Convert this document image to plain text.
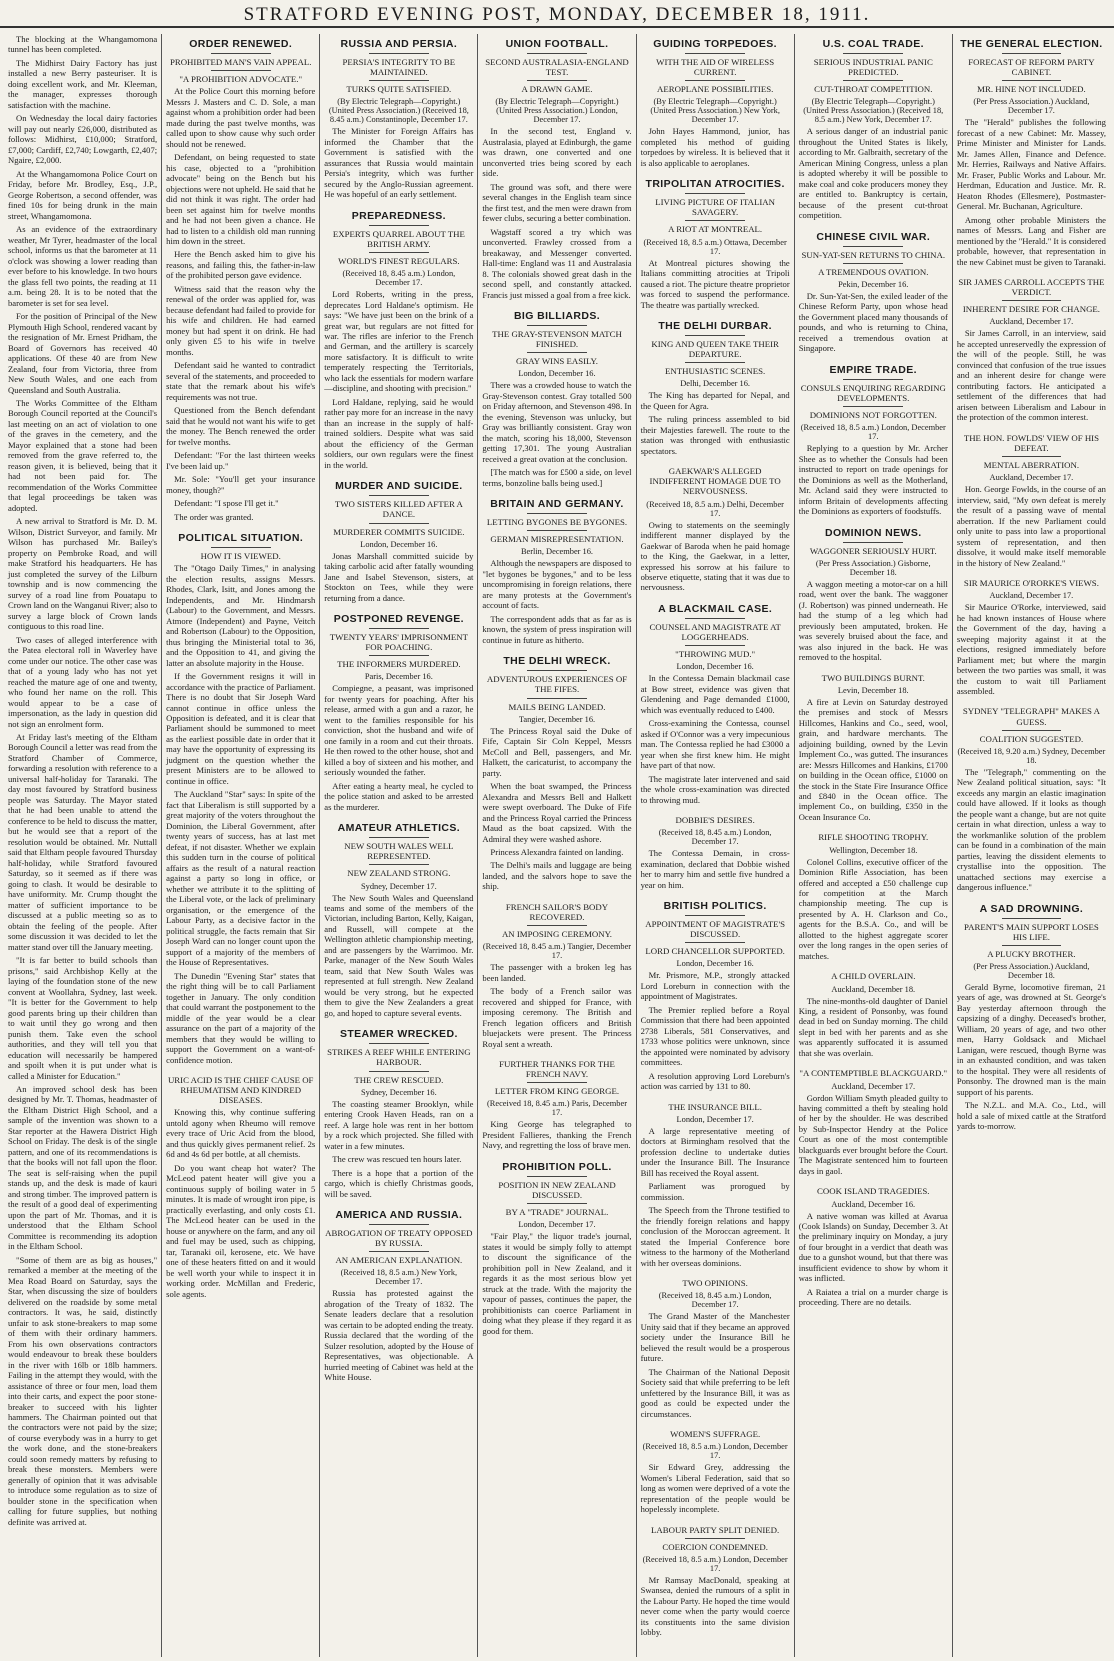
STRATFORD EVENING POST, MONDAY, DECEMBER 18, 1911.

The blocking at the Whangamomona tunnel has been completed.

The Midhirst Dairy Factory has just installed a new Berry pasteuriser. It is doing excellent work, and Mr. Kleeman, the manager, expresses thorough satisfaction with the machine.

On Wednesday the local dairy factories will pay out nearly £26,000, distributed as follows: Midhirst, £10,000; Stratford, £7,000; Cardiff, £2,740; Lowgarth, £2,407; Ngaire, £2,000.

At the Whangamomona Police Court on Friday, before Mr. Brodley, Esq., J.P., George Robertson, a second offender, was fined 10s for being drunk in the main street, Whangamomona.

As an evidence of the extraordinary weather, Mr Tyrer, headmaster of the local school, informs us that the barometer at 11 o'clock was showing a lower reading than ever before to his knowledge. In two hours the glass fell two points, the reading at 11 a.m. being 28. It is to be noted that the barometer is set for sea level.

For the position of Principal of the New Plymouth High School, rendered vacant by the resignation of Mr. Ernest Pridham, the Board of Governors has received 40 applications. Of these 40 are from New Zealand, four from Victoria, three from New South Wales, and one each from Queensland and South Australia.

The Works Committee of the Eltham Borough Council reported at the Council's last meeting on an act of violation to one of the graves in the cemetery, and the Mayor explained that a stone had been removed from the grave referred to, the reason given, it is believed, being that it had not been paid for. The recommendation of the Works Committee that legal proceedings be taken was adopted.

A new arrival to Stratford is Mr. D. M. Wilson, District Surveyor, and family. Mr Wilson has purchased Mr. Bailey's property on Pembroke Road, and will make Stratford his headquarters. He has just completed the survey of the Lilburn township and is now commencing the survey of a road line from Pouatapu to Crown land on the Wanganui River; also to survey a large block of Crown lands contiguous to this road line.

Two cases of alleged interference with the Patea electoral roll in Waverley have come under our notice. The other case was that of a young lady who has not yet reached the mature age of one and twenty, who found her name on the roll. This would appear to be a case of impersonation, as the lady in question did not sign an enrolment form.

At Friday last's meeting of the Eltham Borough Council a letter was read from the Stratford Chamber of Commerce, forwarding a resolution with reference to a universal half-holiday for Taranaki. The day most favoured by Stratford business people was Saturday. The Mayor stated that he had been unable to attend the conference to be held to discuss the matter, but he would see that a report of the resolution would be obtained. Mr. Nuttall said that Eltham people favoured Thursday half-holiday, while Stratford favoured Saturday, so it seemed as if there was going to clash. It would be desirable to have uniformity. Mr. Crump thought the matter of sufficient importance to be discussed at a public meeting so as to obtain the feeling of the people. After some discussion it was decided to let the matter stand over till the January meeting.

"It is far better to build schools than prisons," said Archbishop Kelly at the laying of the foundation stone of the new convent at Woollahra, Sydney, last week. "It is better for the Government to help good parents bring up their children than to wait until they go wrong and then punish them. Take even the school authorities, and they will tell you that education will necessarily be hampered and spoilt when it is put under what is called a Minister for Education."

An improved school desk has been designed by Mr. T. Thomas, headmaster of the Eltham District High School, and a sample of the invention was shown to a Star reporter at the Hawera District High School on Friday. The desk is of the single pattern, and one of its recommendations is that the books will not fall upon the floor. The seat is self-raising when the pupil stands up, and the desk is made of kauri and strong timber. The improved pattern is the result of a good deal of experimenting upon the part of Mr. Thomas, and it is understood that the Eltham School Committee is recommending its adoption in the Eltham School.

"Some of them are as big as houses," remarked a member at the meeting of the Mea Road Board on Saturday, says the Star, when discussing the size of boulders delivered on the roadside by some metal contractors. It was, he said, distinctly unfair to ask stone-breakers to map some of them with their ordinary hammers. From his own observations contractors would endeavour to break these boulders in the river with 16lb or 18lb hammers. Failing in the attempt they would, with the assistance of three or four men, load them into their carts, and expect the poor stone-breaker to succeed with his lighter hammers. The Chairman pointed out that the contractors were not paid by the size; of course everybody was in a hurry to get the work done, and the stone-breakers could soon remedy matters by refusing to break these monsters. Members were generally of opinion that it was advisable to introduce some regulation as to size of boulder stone in the specification when calling for future supplies, but nothing definite was arrived at.

ORDER RENEWED.
PROHIBITED MAN'S VAIN APPEAL.
"A PROHIBITION ADVOCATE."

At the Police Court this morning before Messrs J. Masters and C. D. Sole, a man against whom a prohibition order had been made during the past twelve months, was called upon to show cause why such order should not be renewed.

Defendant, on being requested to state his case, objected to a "prohibition advocate" being on the Bench but his objections were not upheld. He said that he did not think it was right. The order had been set against him for twelve months and he had not been given a chance. He had to listen to a childish old man running him down in the street.

Here the Bench asked him to give his reasons, and failing this, the father-in-law of the prohibited person gave evidence.

Witness said that the reason why the renewal of the order was applied for, was because defendant had failed to provide for his wife and children. He had earned money but had spent it on drink. He had only given £5 to his wife in twelve months.

Defendant said he wanted to contradict several of the statements, and proceeded to state that the remark about his wife's requirements was not true.

Questioned from the Bench defendant said that he would not want his wife to get the money. The Bench renewed the order for twelve months.

Defendant: "For the last thirteen weeks I've been laid up."

Mr. Sole: "You'll get your insurance money, though?"

Defendant: "I spose I'll get it."

The order was granted.

POLITICAL SITUATION.
HOW IT IS VIEWED.

The "Otago Daily Times," in analysing the election results, assigns Messrs. Rhodes, Clark, Isitt, and Jones among the Independents, and Mr. Hindmarsh (Labour) to the Government, and Messrs. Atmore (Independent) and Payne, Veitch and Robertson (Labour) to the Opposition, thus bringing the Ministerial total to 36, and the Opposition to 41, and giving the latter an absolute majority in the House.

If the Government resigns it will in accordance with the practice of Parliament. There is no doubt that Sir Joseph Ward cannot continue in office unless the Opposition is defeated, and it is clear that Parliament should be summoned to meet as the earliest possible date in order that it may have the opportunity of expressing its judgment on the question whether the present Ministers are to be allowed to continue in office.

The Auckland "Star" says: In spite of the fact that Liberalism is still supported by a great majority of the voters throughout the Dominion, the Liberal Government, after twenty years of success, has at last met defeat, if not disaster. Whether we explain this sudden turn in the course of political affairs as the result of a natural reaction against a party so long in office, or whether we attribute it to the splitting of the Liberal vote, or the lack of preliminary organisation, or the emergence of the Labour Party, as a decisive factor in the political struggle, the facts remain that Sir Joseph Ward can no longer count upon the support of a majority of the members of the House of Representatives.

The Dunedin "Evening Star" states that the right thing will be to call Parliament together in January. The only condition that could warrant the postponement to the middle of the year would be a clear assurance on the part of a majority of the members that they would be willing to support the Government on a want-of-confidence motion.

URIC ACID IS THE CHIEF CAUSE OF RHEUMATISM AND KINDRED DISEASES.

Knowing this, why continue suffering untold agony when Rheumo will remove every trace of Uric Acid from the blood, and thus quickly gives permanent relief. 2s 6d and 4s 6d per bottle, at all chemists.

Do you want cheap hot water? The McLeod patent heater will give you a continuous supply of boiling water in 5 minutes. It is made of wrought iron pipe, is practically everlasting, and only costs £1. The McLeod heater can be used in the house or anywhere on the farm, and any oil and fuel may be used, such as chipping, tar, Taranaki oil, kerosene, etc. We have one of these heaters fitted on and it would be well worth your while to inspect it in working order. McMillan and Frederic, sole agents.

RUSSIA AND PERSIA.
PERSIA'S INTEGRITY TO BE MAINTAINED.
TURKS QUITE SATISFIED.
(By Electric Telegraph—Copyright.) (United Press Association.) (Received 18, 8.45 a.m.) Constantinople, December 17.

The Minister for Foreign Affairs has informed the Chamber that the Government is satisfied with the assurances that Russia would maintain Persia's integrity, which was further secured by the Anglo-Russian agreement. He was hopeful of an early settlement.

PREPAREDNESS.
EXPERTS QUARREL ABOUT THE BRITISH ARMY.
WORLD'S FINEST REGULARS.
(Received 18, 8.45 a.m.) London, December 17.

Lord Roberts, writing in the press, deprecates Lord Haldane's optimism. He says: "We have just been on the brink of a great war, but regulars are not fitted for war. The rifles are inferior to the French and German, and the artillery is scarcely more satisfactory. It is difficult to write temperately respecting the Territorials, who lack the essentials for modern warfare—discipline, and shooting with precision."

Lord Haldane, replying, said he would rather pay more for an increase in the navy than an increase in the supply of half-trained soldiers. Despite what was said about the efficiency of the German soldiers, our own regulars were the finest in the world.

MURDER AND SUICIDE.
TWO SISTERS KILLED AFTER A DANCE.
MURDERER COMMITS SUICIDE.
London, December 16.

Jonas Marshall committed suicide by taking carbolic acid after fatally wounding Jane and Isabel Stevenson, sisters, at Stockton on Tees, while they were returning from a dance.

POSTPONED REVENGE.
TWENTY YEARS' IMPRISONMENT FOR POACHING.
THE INFORMERS MURDERED.
Paris, December 16.

Compiegne, a peasant, was imprisoned for twenty years for poaching. After his release, armed with a gun and a razor, he went to the families responsible for his conviction, shot the husband and wife of one family in a room and cut their throats. He then rowed to the other house, shot and killed a boy of sixteen and his mother, and seriously wounded the father.

After eating a hearty meal, he cycled to the police station and asked to be arrested as the murderer.

AMATEUR ATHLETICS.
NEW SOUTH WALES WELL REPRESENTED.
NEW ZEALAND STRONG.
Sydney, December 17.

The New South Wales and Queensland teams and some of the members of the Victorian, including Barton, Kelly, Kaigan, and Russell, will compete at the Wellington athletic championship meeting, and are passengers by the Warrimoo. Mr. Parke, manager of the New South Wales team, said that New South Wales was represented at full strength. New Zealand would be very strong, but he expected them to give the New Zealanders a great go, and hoped to capture several events.

STEAMER WRECKED.
STRIKES A REEF WHILE ENTERING HARBOUR.
THE CREW RESCUED.
Sydney, December 16.

The coasting steamer Brooklyn, while entering Crook Haven Heads, ran on a reef. A large hole was rent in her bottom by a rock which projected. She filled with water in a few minutes.

The crew was rescued ten hours later.

There is a hope that a portion of the cargo, which is chiefly Christmas goods, will be saved.

AMERICA AND RUSSIA.
ABROGATION OF TREATY OPPOSED BY RUSSIA.
AN AMERICAN EXPLANATION.
(Received 18, 8.5 a.m.) New York, December 17.

Russia has protested against the abrogation of the Treaty of 1832. The Senate leaders declare that a resolution was certain to be adopted ending the treaty. Russia declared that the wording of the Sulzer resolution, adopted by the House of Representatives, was objectionable. A hurried meeting of Cabinet was held at the White House.

UNION FOOTBALL.
SECOND AUSTRALASIA-ENGLAND TEST.
A DRAWN GAME.
(By Electric Telegraph—Copyright.) (United Press Association.) London, December 17.

In the second test, England v. Australasia, played at Edinburgh, the game was drawn, one converted and one unconverted tries being scored by each side.

The ground was soft, and there were several changes in the English team since the first test, and the men were drawn from fewer clubs, securing a better combination.

Wagstaff scored a try which was unconverted. Frawley crossed from a breakaway, and Messenger converted. Hall-time: England was 11 and Australasia 8. The colonials showed great dash in the second spell, and constantly attacked. Francis just missed a goal from a free kick.

BIG BILLIARDS.
THE GRAY-STEVENSON MATCH FINISHED.
GRAY WINS EASILY.
London, December 16.

There was a crowded house to watch the Gray-Stevenson contest. Gray totalled 500 on Friday afternoon, and Stevenson 498. In the evening, Stevenson was unlucky, but Gray was brilliantly consistent. Gray won the match, scoring his 18,000, Stevenson getting 17,301. The young Australian received a great ovation at the conclusion.

[The match was for £500 a side, on level terms, bonzoline balls being used.]

BRITAIN AND GERMANY.
LETTING BYGONES BE BYGONES.
GERMAN MISREPRESENTATION.
Berlin, December 16.

Although the newspapers are disposed to "let bygones be bygones," and to be less uncompromising in foreign relations, there are many protests at the Government's account of facts.

The correspondent adds that as far as is known, the system of press inspiration will continue in future as hitherto.

THE DELHI WRECK.
ADVENTUROUS EXPERIENCES OF THE FIFES.
MAILS BEING LANDED.
Tangier, December 16.

The Princess Royal said the Duke of Fife, Captain Sir Coln Keppel, Messrs McColl and Bell, passengers, and Mr. Halkett, the caricaturist, to accompany the party.

When the boat swamped, the Princess Alexandra and Messrs Bell and Halkett were swept overboard. The Duke of Fife and the Princess Royal carried the Princess Maud as the boat capsized. With the Admiral they were washed ashore.

Princess Alexandra fainted on landing.

The Delhi's mails and luggage are being landed, and the salvors hope to save the ship.

FRENCH SAILOR'S BODY RECOVERED.
AN IMPOSING CEREMONY.
(Received 18, 8.45 a.m.) Tangier, December 17.

The passenger with a broken leg has been landed.

The body of a French sailor was recovered and shipped for France, with imposing ceremony. The British and French legation officers and British bluejackets were present. The Princess Royal sent a wreath.

FURTHER THANKS FOR THE FRENCH NAVY.
LETTER FROM KING GEORGE.
(Received 18, 8.45 a.m.) Paris, December 17.

King George has telegraphed to President Fallieres, thanking the French Navy, and regretting the loss of brave men.

PROHIBITION POLL.
POSITION IN NEW ZEALAND DISCUSSED.
BY A "TRADE" JOURNAL.
London, December 17.

"Fair Play," the liquor trade's journal, states it would be simply folly to attempt to discount the significance of the prohibition poll in New Zealand, and it regards it as the most serious blow yet struck at the trade. With the majority the vapour of passes, continues the paper, the prohibitionists can coerce Parliament in doing what they please if they regard it as good for them.

GUIDING TORPEDOES.
WITH THE AID OF WIRELESS CURRENT.
AEROPLANE POSSIBILITIES.
(By Electric Telegraph—Copyright.) (United Press Association.) New York, December 17.

John Hayes Hammond, junior, has completed his method of guiding torpedoes by wireless. It is believed that it is also applicable to aeroplanes.

TRIPOLITAN ATROCITIES.
LIVING PICTURE OF ITALIAN SAVAGERY.
A RIOT AT MONTREAL.
(Received 18, 8.5 a.m.) Ottawa, December 17.

At Montreal pictures showing the Italians committing atrocities at Tripoli caused a riot. The picture theatre proprietor was forced to suspend the performance. The theatre was partially wrecked.

THE DELHI DURBAR.
KING AND QUEEN TAKE THEIR DEPARTURE.
ENTHUSIASTIC SCENES.
Delhi, December 16.

The King has departed for Nepal, and the Queen for Agra.

The ruling princess assembled to bid their Majesties farewell. The route to the station was thronged with enthusiastic spectators.

GAEKWAR'S ALLEGED INDIFFERENT HOMAGE DUE TO NERVOUSNESS.
(Received 18, 8.5 a.m.) Delhi, December 17.

Owing to statements on the seemingly indifferent manner displayed by the Gaekwar of Baroda when he paid homage to the King, the Gaekwar, in a letter, expressed his sorrow at his failure to observe etiquette, stating that it was due to nervousness.

A BLACKMAIL CASE.
COUNSEL AND MAGISTRATE AT LOGGERHEADS.
"THROWING MUD."
London, December 16.

In the Contessa Demain blackmail case at Bow street, evidence was given that Glendening and Page demanded £1000, which was eventually reduced to £400.

Cross-examining the Contessa, counsel asked if O'Connor was a very impecunious man. The Contessa replied he had £3000 a year when she first knew him. He might have part of that now.

The magistrate later intervened and said the whole cross-examination was directed to throwing mud.

DOBBIE'S DESIRES.
(Received 18, 8.45 a.m.) London, December 17.

The Contessa Demain, in cross-examination, declared that Dobbie wished her to marry him and settle five hundred a year on him.

BRITISH POLITICS.
APPOINTMENT OF MAGISTRATE'S DISCUSSED.
LORD CHANCELLOR SUPPORTED.
London, December 16.

Mr. Prismore, M.P., strongly attacked Lord Loreburn in connection with the appointment of Magistrates.

The Premier replied before a Royal Commission that there had been appointed 2738 Liberals, 581 Conservatives, and 1733 whose politics were unknown, since the appointed were nominated by advisory committees.

A resolution approving Lord Loreburn's action was carried by 131 to 80.

THE INSURANCE BILL.
London, December 17.

A large representative meeting of doctors at Birmingham resolved that the profession decline to undertake duties under the Insurance Bill. The Insurance Bill has received the Royal assent.

Parliament was prorogued by commission.

The Speech from the Throne testified to the friendly foreign relations and happy conclusion of the Moroccan agreement. It stated the Imperial Conference bore witness to the harmony of the Motherland with her overseas dominions.

TWO OPINIONS.
(Received 18, 8.45 a.m.) London, December 17.

The Grand Master of the Manchester Unity said that if they became an approved society under the Insurance Bill he believed the result would be a prosperous future.

The Chairman of the National Deposit Society said that while preferring to be left unfettered by the Insurance Bill, it was as good as could be expected under the circumstances.

WOMEN'S SUFFRAGE.
(Received 18, 8.5 a.m.) London, December 17.

Sir Edward Grey, addressing the Women's Liberal Federation, said that so long as women were deprived of a vote the representation of the people would be hopelessly incomplete.

LABOUR PARTY SPLIT DENIED.
COERCION CONDEMNED.
(Received 18, 8.5 a.m.) London, December 17.

Mr Ramsay MacDonald, speaking at Swansea, denied the rumours of a split in the Labour Party. He hoped the time would never come when the party would coerce its constituents into the same division lobby.

U.S. COAL TRADE.
SERIOUS INDUSTRIAL PANIC PREDICTED.
CUT-THROAT COMPETITION.
(By Electric Telegraph—Copyright.) (United Press Association.) (Received 18, 8.5 a.m.) New York, December 17.

A serious danger of an industrial panic throughout the United States is likely, according to Mr. Galbraith, secretary of the American Mining Congress, unless a plan is adopted whereby it will be possible to make coal and coke producers money they are entitled to. Bankruptcy is certain, because of the present cut-throat competition.

CHINESE CIVIL WAR.
SUN-YAT-SEN RETURNS TO CHINA.
A TREMENDOUS OVATION.
Pekin, December 16.

Dr. Sun-Yat-Sen, the exiled leader of the Chinese Reform Party, upon whose head the Government placed many thousands of pounds, and who is returning to China, received a tremendous ovation at Singapore.

EMPIRE TRADE.
CONSULS ENQUIRING REGARDING DEVELOPMENTS.
DOMINIONS NOT FORGOTTEN.
(Received 18, 8.5 a.m.) London, December 17.

Replying to a question by Mr. Archer Shee as to whether the Consuls had been instructed to report on trade openings for the Dominions as well as the Motherland, Mr. Acland said they were instructed to inform Britain of developments affecting the Dominions as exporters of foodstuffs.

DOMINION NEWS.
WAGGONER SERIOUSLY HURT.
(Per Press Association.) Gisborne, December 18.

A waggon meeting a motor-car on a hill road, went over the bank. The waggoner (J. Robertson) was pinned underneath. He had the stump of a leg which had previously been amputated, broken. He was severely bruised about the face, and was also injured in the back. He was removed to the hospital.

TWO BUILDINGS BURNT.
Levin, December 18.

A fire at Levin on Saturday destroyed the premises and stock of Messrs Hillcomes, Hankins and Co., seed, wool, grain, and hardware merchants. The adjoining building, owned by the Levin Implement Co., was gutted. The insurances are: Messrs Hillcomes and Hankins, £1700 on building in the Ocean office, £1000 on the stock in the State Fire Insurance Office and £840 in the Ocean office. The implement Co., on building, £350 in the Ocean Insurance Co.

RIFLE SHOOTING TROPHY.
Wellington, December 18.

Colonel Collins, executive officer of the Dominion Rifle Association, has been offered and accepted a £50 challenge cup for competition at the March championship meeting. The cup is presented by A. H. Clarkson and Co., agents for the B.S.A. Co., and will be allotted to the highest aggregate scorer over the long ranges in the open series of matches.

A CHILD OVERLAIN.
Auckland, December 18.

The nine-months-old daughter of Daniel King, a resident of Ponsonby, was found dead in bed on Sunday morning. The child slept in bed with her parents and as she was apparently suffocated it is assumed that she was overlain.

"A CONTEMPTIBLE BLACKGUARD."
Auckland, December 17.

Gordon William Smyth pleaded guilty to having committed a theft by stealing hold of her by the shoulder. He was described by Sub-Inspector Hendry at the Police Court as one of the most contemptible blackguards ever brought before the Court. The Magistrate sentenced him to fourteen days in gaol.

COOK ISLAND TRAGEDIES.
Auckland, December 16.

A native woman was killed at Avarua (Cook Islands) on Sunday, December 3. At the preliminary inquiry on Monday, a jury of four brought in a verdict that death was due to a gunshot wound, but that there was insufficient evidence to show by whom it was inflicted.

A Raiatea a trial on a murder charge is proceeding. There are no details.

THE GENERAL ELECTION.
FORECAST OF REFORM PARTY CABINET.
MR. HINE NOT INCLUDED.
(Per Press Association.) Auckland, December 17.

The "Herald" publishes the following forecast of a new Cabinet: Mr. Massey, Prime Minister and Minister for Lands. Mr. James Allen, Finance and Defence. Mr. Herries, Railways and Native Affairs. Mr. Fraser, Public Works and Labour. Mr. Herdman, Education and Justice. Mr. R. Heaton Rhodes (Ellesmere), Postmaster-General. Mr. Buchanan, Agriculture.

Among other probable Ministers the names of Messrs. Lang and Fisher are mentioned by the "Herald." It is considered probable, however, that representation in the new Cabinet must be given to Taranaki.

SIR JAMES CARROLL ACCEPTS THE VERDICT.
INHERENT DESIRE FOR CHANGE.
Auckland, December 17.

Sir James Carroll, in an interview, said he accepted unreservedly the expression of the will of the people. Still, he was convinced that confusion of the true issues and an inherent desire for change were contributing factors. He anticipated a settlement of the differences that had arisen between Liberalism and Labour in the protection of the common interest.

THE HON. FOWLDS' VIEW OF HIS DEFEAT.
MENTAL ABERRATION.
Auckland, December 17.

Hon. George Fowlds, in the course of an interview, said, "My own defeat is merely the result of a passing wave of mental aberration. If the new Parliament could only unite to pass into law a proportional system of representation, and then dissolve, it would make itself memorable in the history of New Zealand."

SIR MAURICE O'RORKE'S VIEWS.
Auckland, December 17.

Sir Maurice O'Rorke, interviewed, said he had known instances of House where the Government of the day, having a sweeping majority against it at the elections, resigned immediately before Parliament met; but where the margin between the two parties was small, it was the custom to wait till Parliament assembled.

SYDNEY "TELEGRAPH" MAKES A GUESS.
COALITION SUGGESTED.
(Received 18, 9.20 a.m.) Sydney, December 18.

The "Telegraph," commenting on the New Zealand political situation, says: "It exceeds any margin an elastic imagination could have allowed. If it looks as though the people want a change, but are not quite certain in what direction, unless a way to the workmanlike solution of the problem can be found in a combination of the main parties, leaving the dissident elements to crystallise into the opposition. The unattached sections may exercise a dangerous influence."

A SAD DROWNING.
PARENT'S MAIN SUPPORT LOSES HIS LIFE.
A PLUCKY BROTHER.
(Per Press Association.) Auckland, December 18.

Gerald Byrne, locomotive fireman, 21 years of age, was drowned at St. George's Bay yesterday afternoon through the capsizing of a dinghy. Deceased's brother, William, 20 years of age, and two other men, Harry Goldsack and Michael Lanigan, were rescued, though Byrne was in an exhausted condition, and was taken to the hospital. They were all residents of Ponsonby. The drowned man is the main support of his parents.

The N.Z.L. and M.A. Co., Ltd., will hold a sale of mixed cattle at the Stratford yards to-morrow.
